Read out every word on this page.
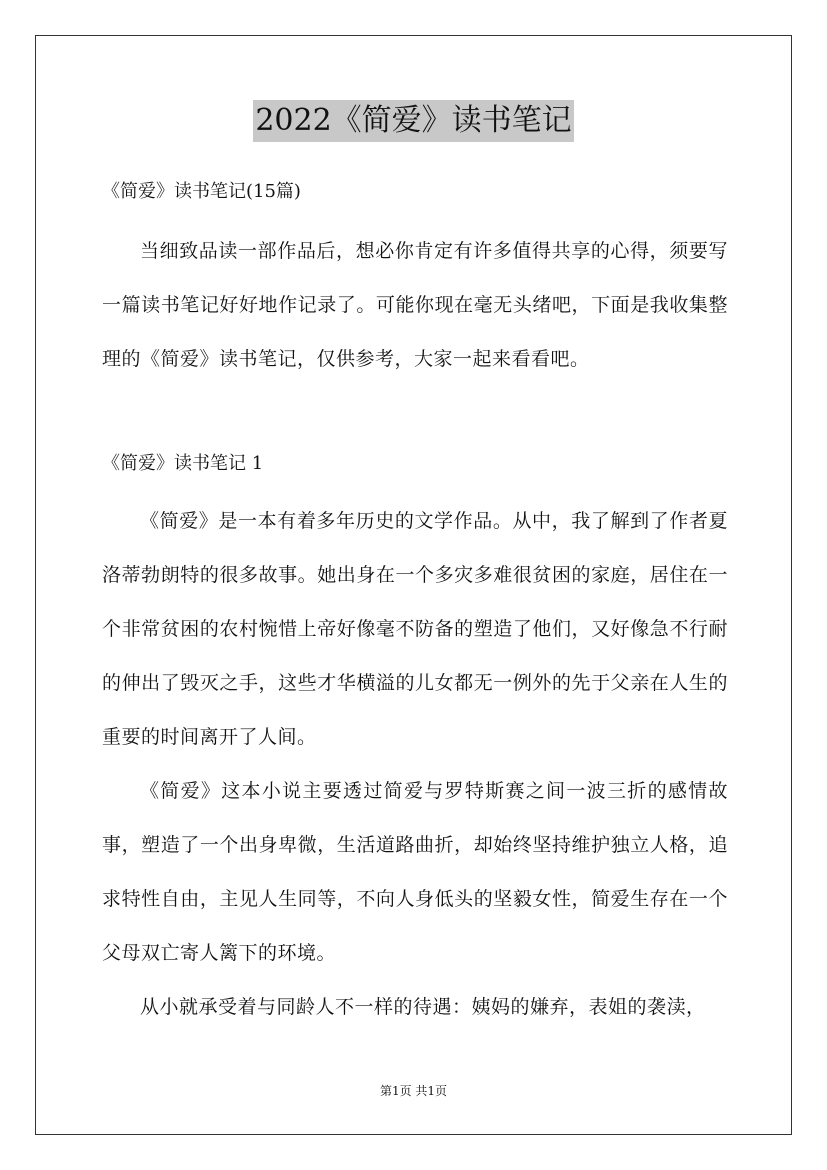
2022《简爱》读书笔记

《简爱》读书笔记(15篇)

当细致品读一部作品后，想必你肯定有许多值得共享的心得，须要写一篇读书笔记好好地作记录了。可能你现在毫无头绪吧，下面是我收集整理的《简爱》读书笔记，仅供参考，大家一起来看看吧。

《简爱》读书笔记 1

《简爱》是一本有着多年历史的文学作品。从中，我了解到了作者夏洛蒂勃朗特的很多故事。她出身在一个多灾多难很贫困的家庭，居住在一个非常贫困的农村惋惜上帝好像毫不防备的塑造了他们，又好像急不行耐的伸出了毁灭之手，这些才华横溢的儿女都无一例外的先于父亲在人生的重要的时间离开了人间。

《简爱》这本小说主要透过简爱与罗特斯赛之间一波三折的感情故事，塑造了一个出身卑微，生活道路曲折，却始终坚持维护独立人格，追求特性自由，主见人生同等，不向人身低头的坚毅女性，简爱生存在一个父母双亡寄人篱下的环境。

从小就承受着与同龄人不一样的待遇：姨妈的嫌弃，表姐的袭渎，

第1页 共1页
